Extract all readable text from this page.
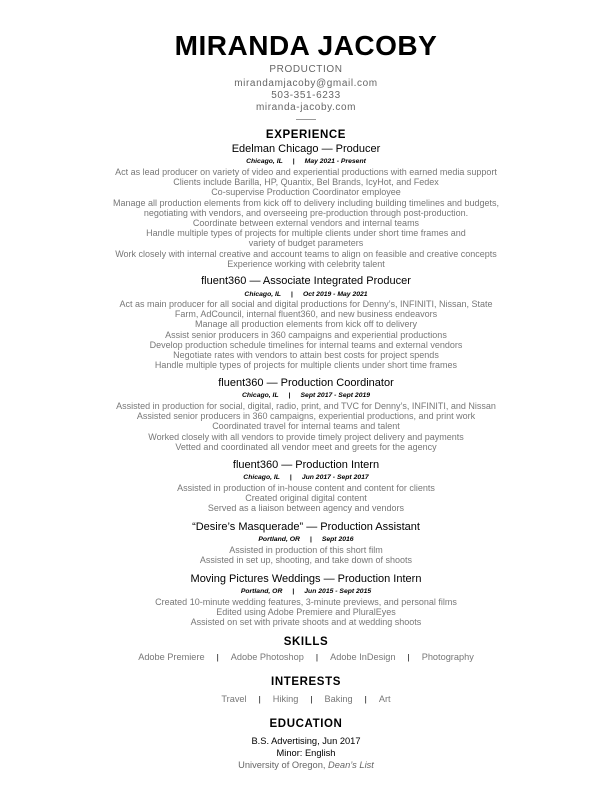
MIRANDA JACOBY
PRODUCTION
mirandamjacoby@gmail.com
503-351-6233
miranda-jacoby.com
EXPERIENCE
Edelman Chicago — Producer
Chicago, IL | May 2021 - Present
Act as lead producer on variety of video and experiential productions with earned media support
Clients include Barilla, HP, Quantix, Bel Brands, IcyHot, and Fedex
Co-supervise Production Coordinator employee
Manage all production elements from kick off to delivery including building timelines and budgets,
negotiating with vendors, and overseeing pre-production through post-production.
Coordinate between external vendors and internal teams
Handle multiple types of projects for multiple clients under short time frames and
variety of budget parameters
Work closely with internal creative and account teams to align on feasible and creative concepts
Experience working with celebrity talent
fluent360 — Associate Integrated Producer
Chicago, IL | Oct 2019 - May 2021
Act as main producer for all social and digital productions for Denny’s, INFINITI, Nissan, State
Farm, AdCouncil, internal fluent360, and new business endeavors
Manage all production elements from kick off to delivery
Assist senior producers in 360 campaigns and experiential productions
Develop production schedule timelines for internal teams and external vendors
Negotiate rates with vendors to attain best costs for project spends
Handle multiple types of projects for multiple clients under short time frames
fluent360 — Production Coordinator
Chicago, IL | Sept 2017 - Sept 2019
Assisted in production for social, digital, radio, print, and TVC for Denny’s, INFINITI, and Nissan
Assisted senior producers in 360 campaigns, experiential productions, and print work
Coordinated travel for internal teams and talent
Worked closely with all vendors to provide timely project delivery and payments
Vetted and coordinated all vendor meet and greets for the agency
fluent360 — Production Intern
Chicago, IL | Jun 2017 - Sept 2017
Assisted in production of in-house content and content for clients
Created original digital content
Served as a liaison between agency and vendors
“Desire’s Masquerade” — Production Assistant
Portland, OR | Sept 2016
Assisted in production of this short film
Assisted in set up, shooting, and take down of shoots
Moving Pictures Weddings — Production Intern
Portland, OR | Jun 2015 - Sept 2015
Created 10-minute wedding features, 3-minute previews, and personal films
Edited using Adobe Premiere and PluralEyes
Assisted on set with private shoots and at wedding shoots
SKILLS
Adobe Premiere | Adobe Photoshop | Adobe InDesign | Photography
INTERESTS
Travel | Hiking | Baking | Art
EDUCATION
B.S. Advertising, Jun 2017
Minor: English
University of Oregon, Dean’s List
